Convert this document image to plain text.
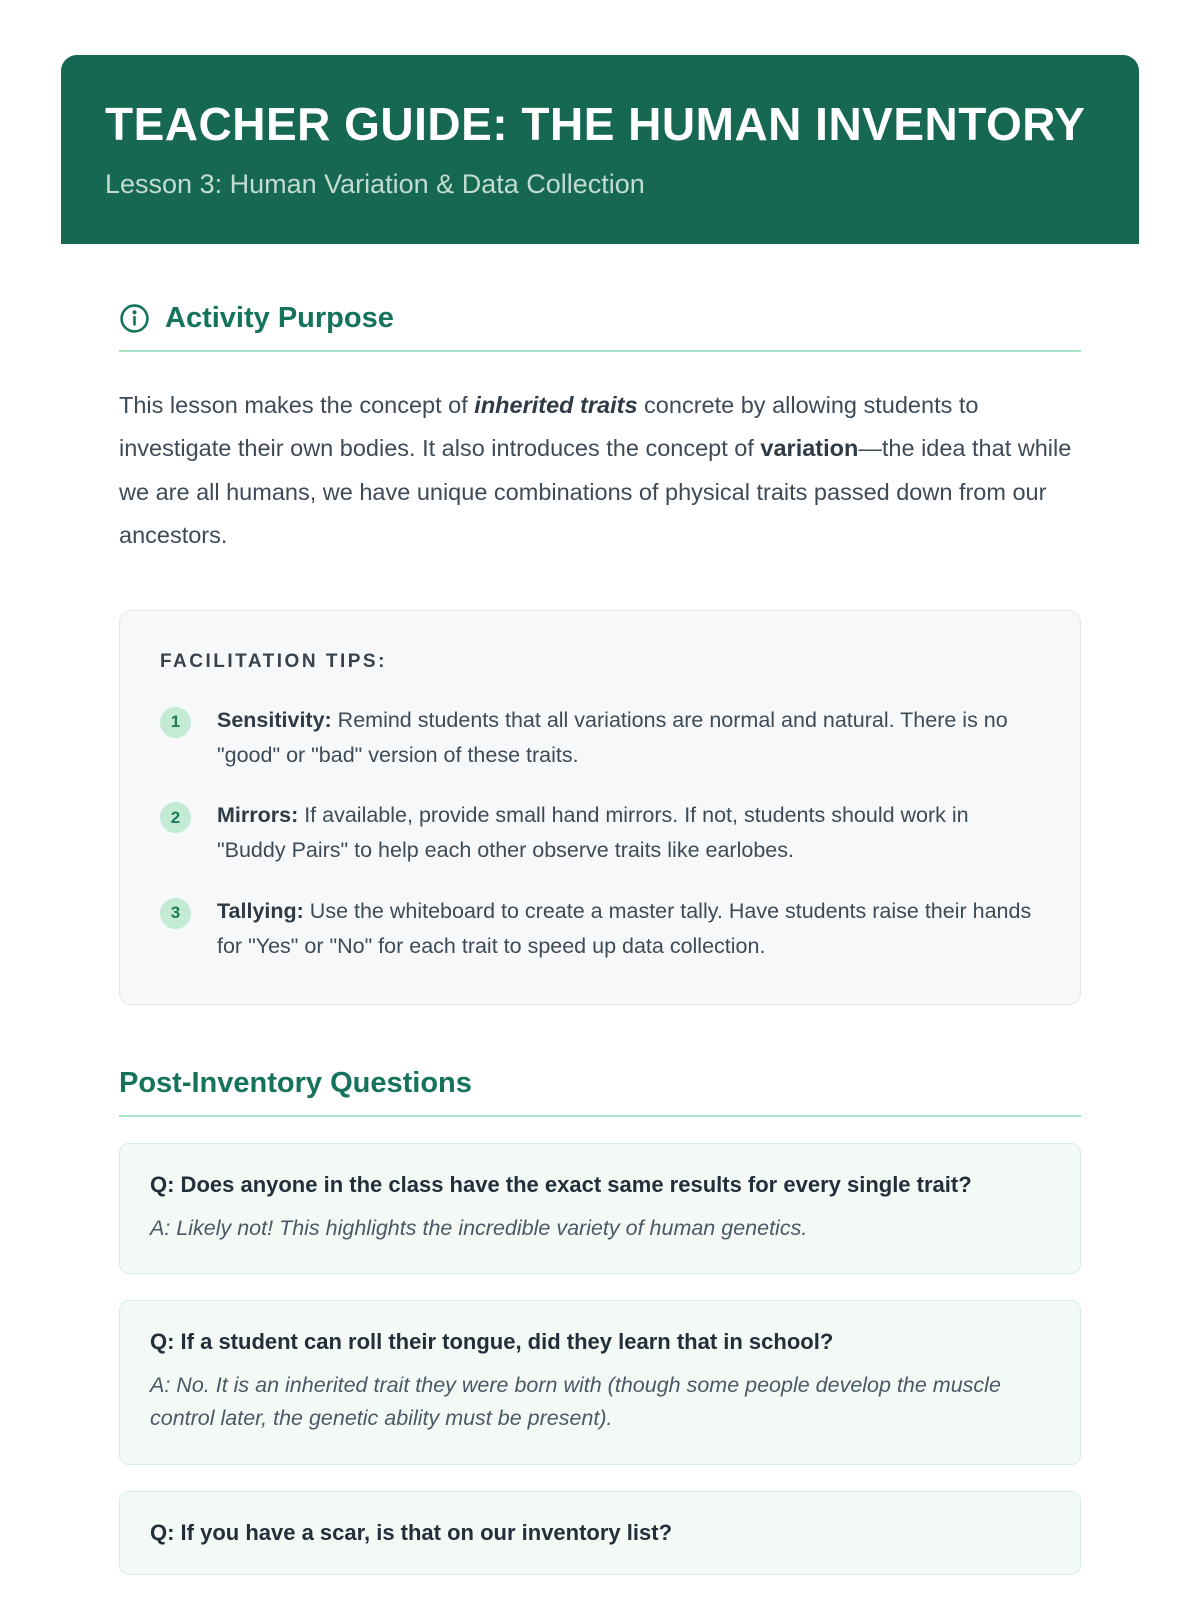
TEACHER GUIDE: THE HUMAN INVENTORY

Lesson 3: Human Variation & Data Collection

Activity Purpose

This lesson makes the concept of inherited traits concrete by allowing students to investigate their own bodies. It also introduces the concept of variation—the idea that while we are all humans, we have unique combinations of physical traits passed down from our ancestors.

FACILITATION TIPS:

1	Sensitivity: Remind students that all variations are normal and natural. There is no "good" or "bad" version of these traits.
2	Mirrors: If available, provide small hand mirrors. If not, students should work in "Buddy Pairs" to help each other observe traits like earlobes.
3	Tallying: Use the whiteboard to create a master tally. Have students raise their hands for "Yes" or "No" for each trait to speed up data collection.
Post-Inventory Questions

Q: Does anyone in the class have the exact same results for every single trait?

A: Likely not! This highlights the incredible variety of human genetics.

Q: If a student can roll their tongue, did they learn that in school?

A: No. It is an inherited trait they were born with (though some people develop the muscle control later, the genetic ability must be present).

Q: If you have a scar, is that on our inventory list?
